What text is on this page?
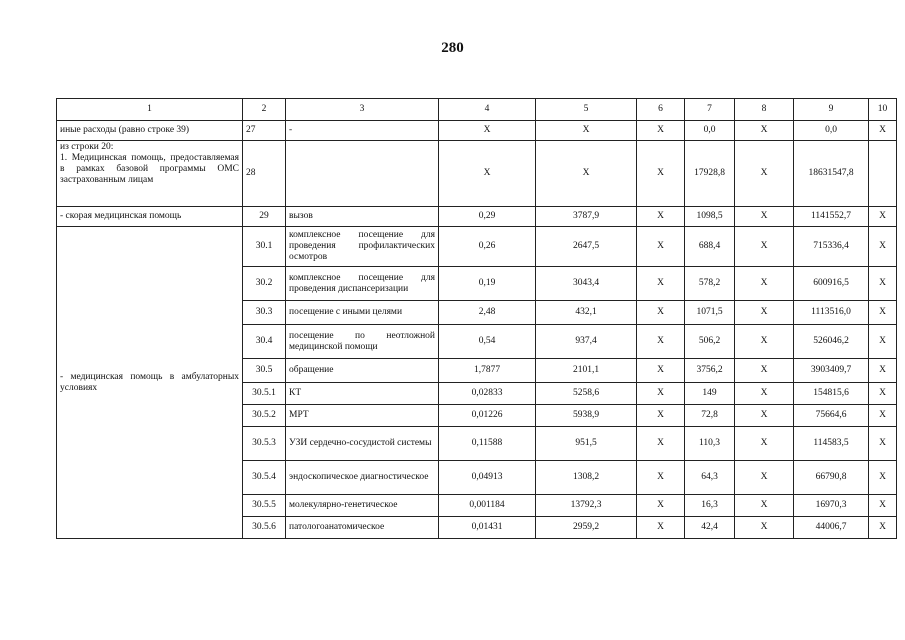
280
1	2	3	4	5	6	7	8	9	10
иные расходы (равно строке 39)	27	-	X	X	X	0,0	X	0,0	X
из строки 20:
1. Медицинская помощь, предоставляемая в рамках базовой программы ОМС застрахованным лицам	28		X	X	X	17928,8	X	18631547,8	
- скорая медицинская помощь	29	вызов	0,29	3787,9	X	1098,5	X	1141552,7	X
- медицинская помощь в амбулаторных условиях	30.1	комплексное посещение для проведения профилактических осмотров	0,26	2647,5	X	688,4	X	715336,4	X
	30.2	комплексное посещение для проведения диспансеризации	0,19	3043,4	X	578,2	X	600916,5	X
	30.3	посещение с иными целями	2,48	432,1	X	1071,5	X	1113516,0	X
	30.4	посещение по неотложной медицинской помощи	0,54	937,4	X	506,2	X	526046,2	X
	30.5	обращение	1,7877	2101,1	X	3756,2	X	3903409,7	X
	30.5.1	КТ	0,02833	5258,6	X	149	X	154815,6	X
	30.5.2	МРТ	0,01226	5938,9	X	72,8	X	75664,6	X
	30.5.3	УЗИ сердечно-сосудистой системы	0,11588	951,5	X	110,3	X	114583,5	X
	30.5.4	эндоскопическое диагностическое	0,04913	1308,2	X	64,3	X	66790,8	X
	30.5.5	молекулярно-генетическое	0,001184	13792,3	X	16,3	X	16970,3	X
	30.5.6	патологоанатомическое	0,01431	2959,2	X	42,4	X	44006,7	X
